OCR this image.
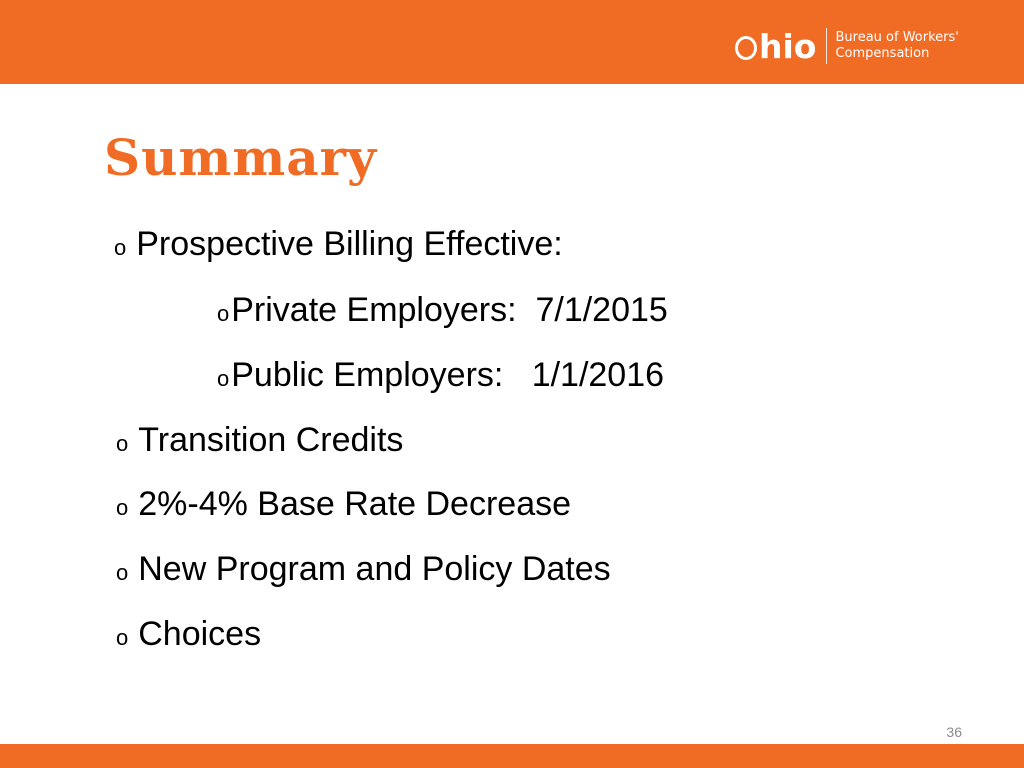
hio Bureau of Workers'
Compensation
Summary
o Prospective Billing Effective:
o Private Employers:  7/1/2015
o Public Employers:   1/1/2016
o Transition Credits
o 2%-4% Base Rate Decrease
o New Program and Policy Dates
o Choices
36
